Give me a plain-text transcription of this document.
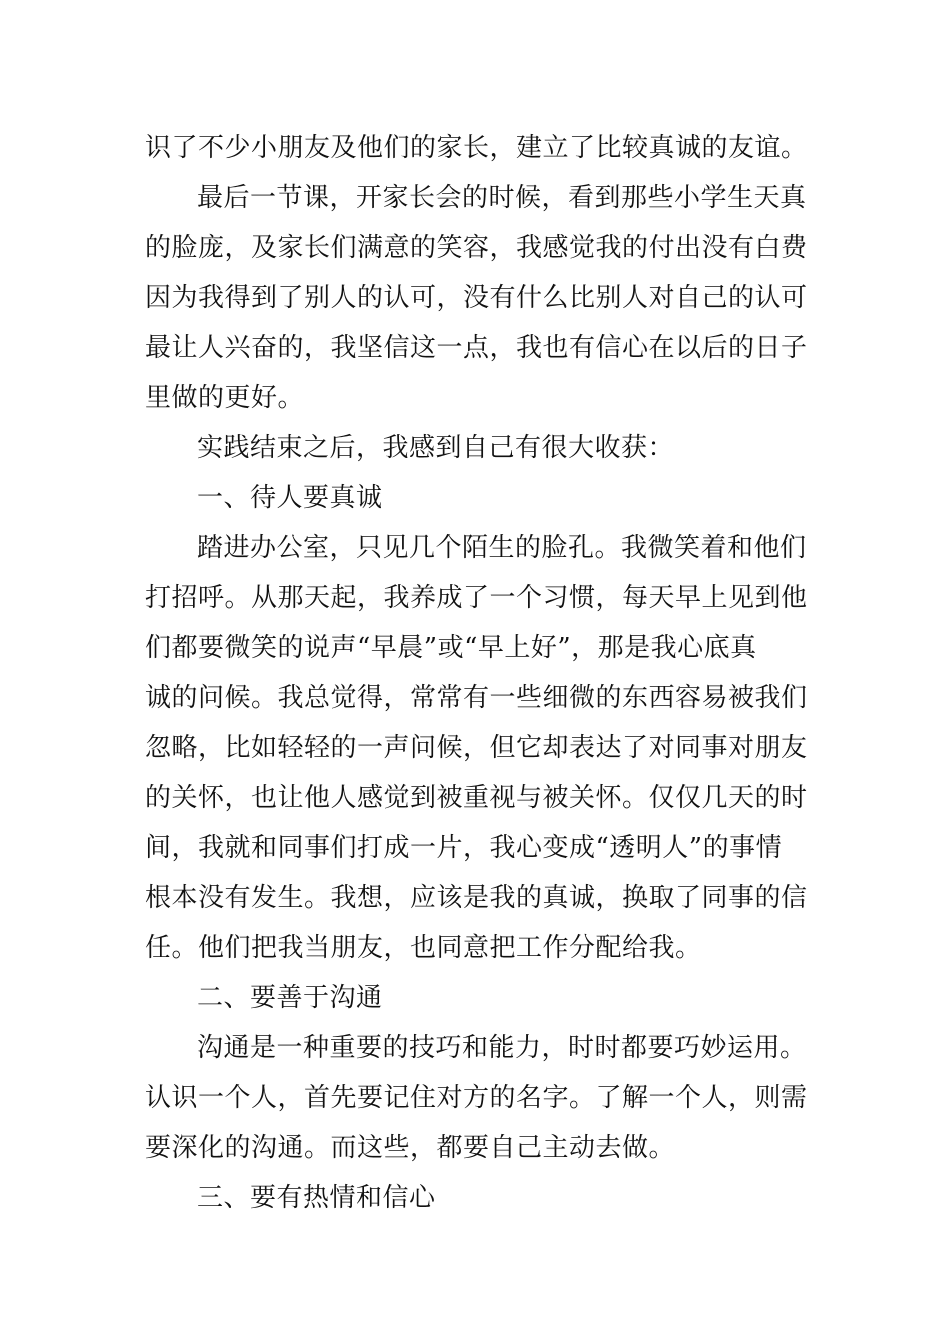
识了不少小朋友及他们的家长，建立了比较真诚的友谊。
最后一节课，开家长会的时候，看到那些小学生天真
的脸庞，及家长们满意的笑容，我感觉我的付出没有白费
因为我得到了别人的认可，没有什么比别人对自己的认可
最让人兴奋的，我坚信这一点，我也有信心在以后的日子
里做的更好。
实践结束之后，我感到自己有很大收获：
一、待人要真诚
踏进办公室，只见几个陌生的脸孔。我微笑着和他们
打招呼。从那天起，我养成了一个习惯，每天早上见到他
们都要微笑的说声“早晨”或“早上好”，那是我心底真
诚的问候。我总觉得，常常有一些细微的东西容易被我们
忽略，比如轻轻的一声问候，但它却表达了对同事对朋友
的关怀，也让他人感觉到被重视与被关怀。仅仅几天的时
间，我就和同事们打成一片，我心变成“透明人”的事情
根本没有发生。我想，应该是我的真诚，换取了同事的信
任。他们把我当朋友，也同意把工作分配给我。
二、要善于沟通
沟通是一种重要的技巧和能力，时时都要巧妙运用。
认识一个人，首先要记住对方的名字。了解一个人，则需
要深化的沟通。而这些，都要自己主动去做。
三、要有热情和信心
